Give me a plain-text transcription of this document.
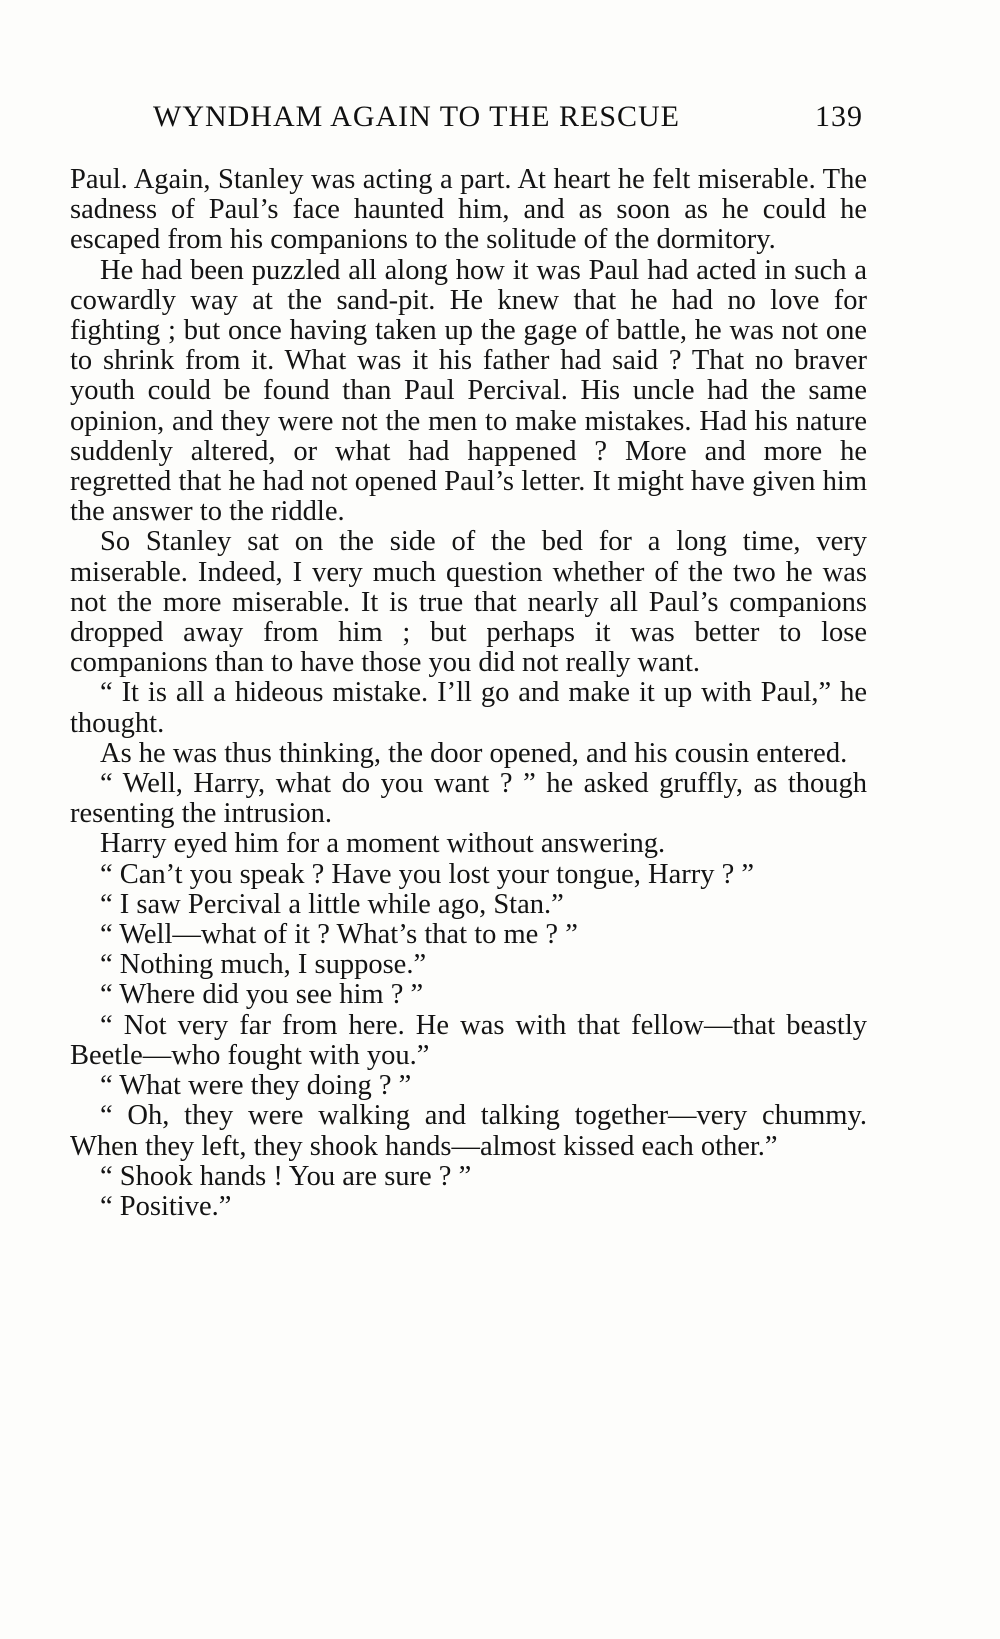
WYNDHAM AGAIN TO THE RESCUE	139

Paul. Again, Stanley was acting a part. At heart he felt miserable. The sadness of Paul’s face haunted him, and as soon as he could he escaped from his companions to the solitude of the dormitory.

He had been puzzled all along how it was Paul had acted in such a cowardly way at the sand-pit. He knew that he had no love for fighting ; but once having taken up the gage of battle, he was not one to shrink from it. What was it his father had said ? That no braver youth could be found than Paul Percival. His uncle had the same opinion, and they were not the men to make mistakes. Had his nature suddenly altered, or what had happened ? More and more he regretted that he had not opened Paul’s letter. It might have given him the answer to the riddle.

So Stanley sat on the side of the bed for a long time, very miserable. Indeed, I very much question whether of the two he was not the more miserable. It is true that nearly all Paul’s companions dropped away from him ; but perhaps it was better to lose companions than to have those you did not really want.

“ It is all a hideous mistake. I’ll go and make it up with Paul,” he thought.

As he was thus thinking, the door opened, and his cousin entered.

“ Well, Harry, what do you want ? ” he asked gruffly, as though resenting the intrusion.

Harry eyed him for a moment without answering.

“ Can’t you speak ? Have you lost your tongue, Harry ? ”

“ I saw Percival a little while ago, Stan.”

“ Well—what of it ? What’s that to me ? ”

“ Nothing much, I suppose.”

“ Where did you see him ? ”

“ Not very far from here. He was with that fellow—that beastly Beetle—who fought with you.”

“ What were they doing ? ”

“ Oh, they were walking and talking together—very chummy. When they left, they shook hands—almost kissed each other.”

“ Shook hands ! You are sure ? ”

“ Positive.”
